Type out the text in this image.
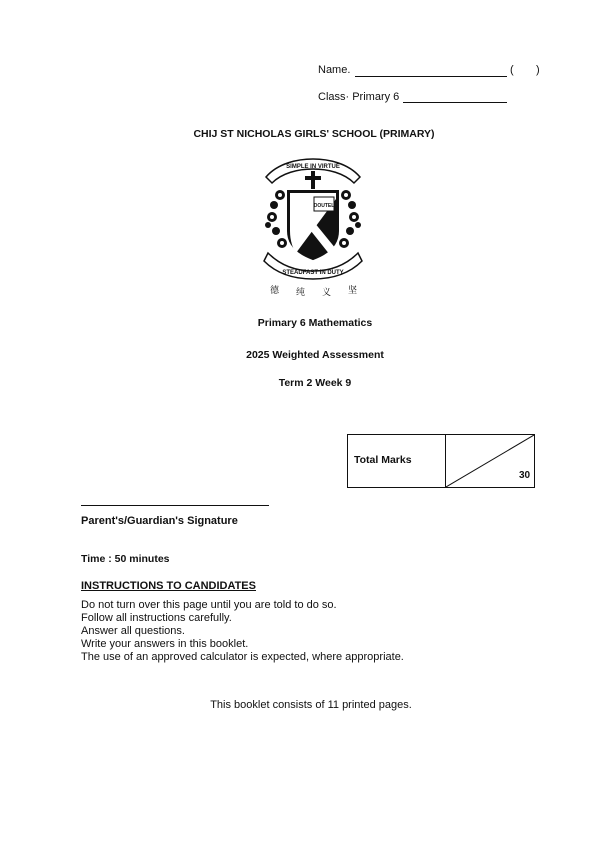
Name.	( )
Class· Primary 6
CHIJ ST NICHOLAS GIRLS' SCHOOL (PRIMARY)
SIMPLE IN VIRTUE
DOUTEL
STEADFAST IN DUTY
德 纯 义 坚
Primary 6 Mathematics
2025 Weighted Assessment
Term 2 Week 9
Total Marks
30
Parent's/Guardian's Signature
Time : 50 minutes
INSTRUCTIONS TO CANDIDATES
Do not turn over this page until you are told to do so.
Follow all instructions carefully.
Answer all questions.
Write your answers in this booklet.
The use of an approved calculator is expected, where appropriate.
This booklet consists of 11 printed pages.
